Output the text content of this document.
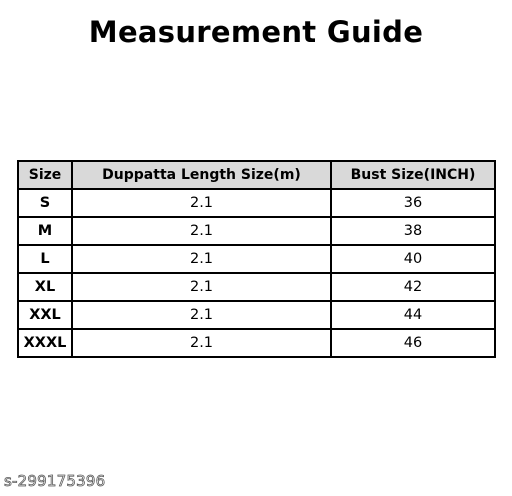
Measurement Guide
Size	Duppatta Length Size(m)	Bust Size(INCH)
S	2.1	36
M	2.1	38
L	2.1	40
XL	2.1	42
XXL	2.1	44
XXXL	2.1	46
s-299175396
